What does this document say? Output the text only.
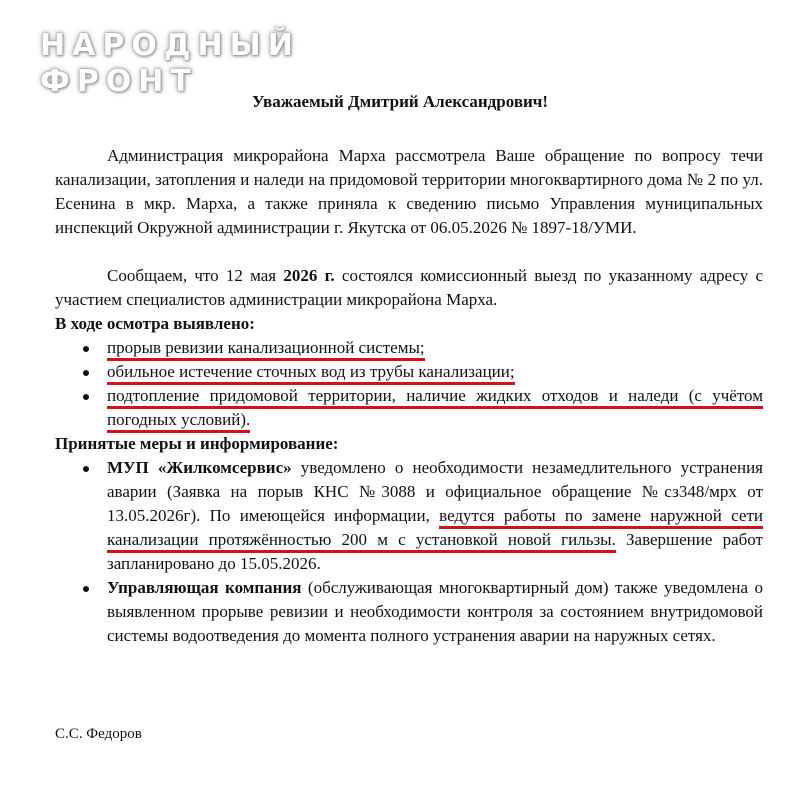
НАРОДНЫЙ
ФРОНТ

Уважаемый Дмитрий Александрович!

Администрация микрорайона Марха рассмотрела Ваше обращение по вопросу течи канализации, затопления и наледи на придомовой территории многоквартирного дома № 2 по ул. Есенина в мкр. Марха, а также приняла к сведению письмо Управления муниципальных инспекций Окружной администрации г. Якутска от 06.05.2026 № 1897-18/УМИ.

Сообщаем, что 12 мая 2026 г. состоялся комиссионный выезд по указанному адресу с участием специалистов администрации микрорайона Марха.

В ходе осмотра выявлено:

прорыв ревизии канализационной системы;
обильное истечение сточных вод из трубы канализации;
подтопление придомовой территории, наличие жидких отходов и наледи (с учётом погодных условий).

Принятые меры и информирование:

МУП «Жилкомсервис» уведомлено о необходимости незамедлительного устранения аварии (Заявка на порыв КНС №3088 и официальное обращение №сз348/мрх от 13.05.2026г). По имеющейся информации, ведутся работы по замене наружной сети канализации протяжённостью 200 м с установкой новой гильзы. Завершение работ запланировано до 15.05.2026.
Управляющая компания (обслуживающая многоквартирный дом) также уведомлена о выявленном прорыве ревизии и необходимости контроля за состоянием внутридомовой системы водоотведения до момента полного устранения аварии на наружных сетях.

С.С. Федоров
